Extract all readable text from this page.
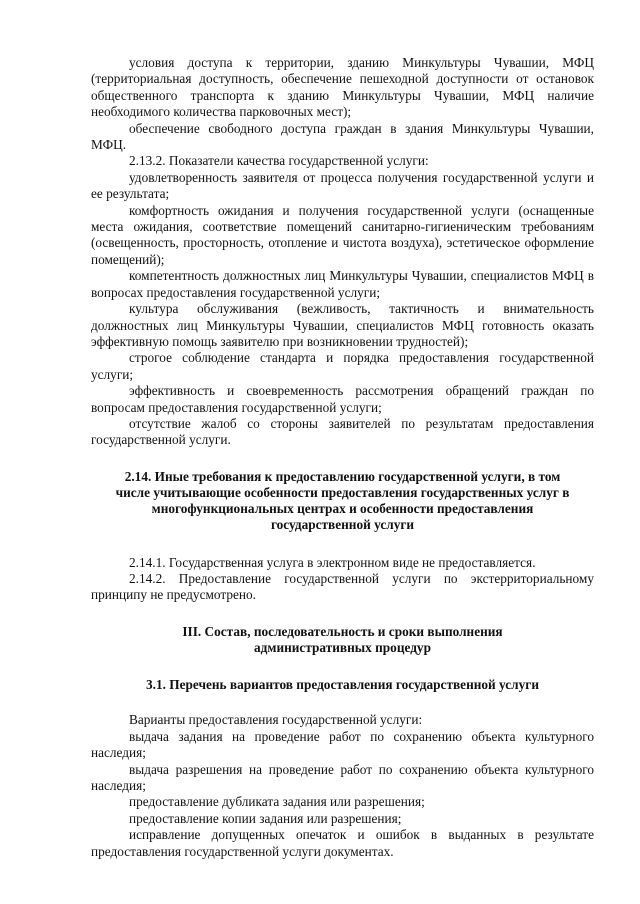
условия доступа к территории, зданию Минкультуры Чувашии, МФЦ (территориальная доступность, обеспечение пешеходной доступности от остановок общественного транспорта к зданию Минкультуры Чувашии, МФЦ наличие необходимого количества парковочных мест);

обеспечение свободного доступа граждан в здания Минкультуры Чувашии, МФЦ.

2.13.2. Показатели качества государственной услуги:

удовлетворенность заявителя от процесса получения государственной услуги и ее результата;

комфортность ожидания и получения государственной услуги (оснащенные места ожидания, соответствие помещений санитарно-гигиеническим требованиям (освещенность, просторность, отопление и чистота воздуха), эстетическое оформление помещений);

компетентность должностных лиц Минкультуры Чувашии, специалистов МФЦ в вопросах предоставления государственной услуги;

культура обслуживания (вежливость, тактичность и внимательность должностных лиц Минкультуры Чувашии, специалистов МФЦ готовность оказать эффективную помощь заявителю при возникновении трудностей);

строгое соблюдение стандарта и порядка предоставления государственной услуги;

эффективность и своевременность рассмотрения обращений граждан по вопросам предоставления государственной услуги;

отсутствие жалоб со стороны заявителей по результатам предоставления государственной услуги.

2.14. Иные требования к предоставлению государственной услуги, в том
числе учитывающие особенности предоставления государственных услуг в
многофункциональных центрах и особенности предоставления
государственной услуги

2.14.1. Государственная услуга в электронном виде не предоставляется.

2.14.2. Предоставление государственной услуги по экстерриториальному принципу не предусмотрено.

III. Состав, последовательность и сроки выполнения
административных процедур
3.1. Перечень вариантов предоставления государственной услуги

Варианты предоставления государственной услуги:

выдача задания на проведение работ по сохранению объекта культурного наследия;

выдача разрешения на проведение работ по сохранению объекта культурного наследия;

предоставление дубликата задания или разрешения;

предоставление копии задания или разрешения;

исправление допущенных опечаток и ошибок в выданных в результате предоставления государственной услуги документах.
